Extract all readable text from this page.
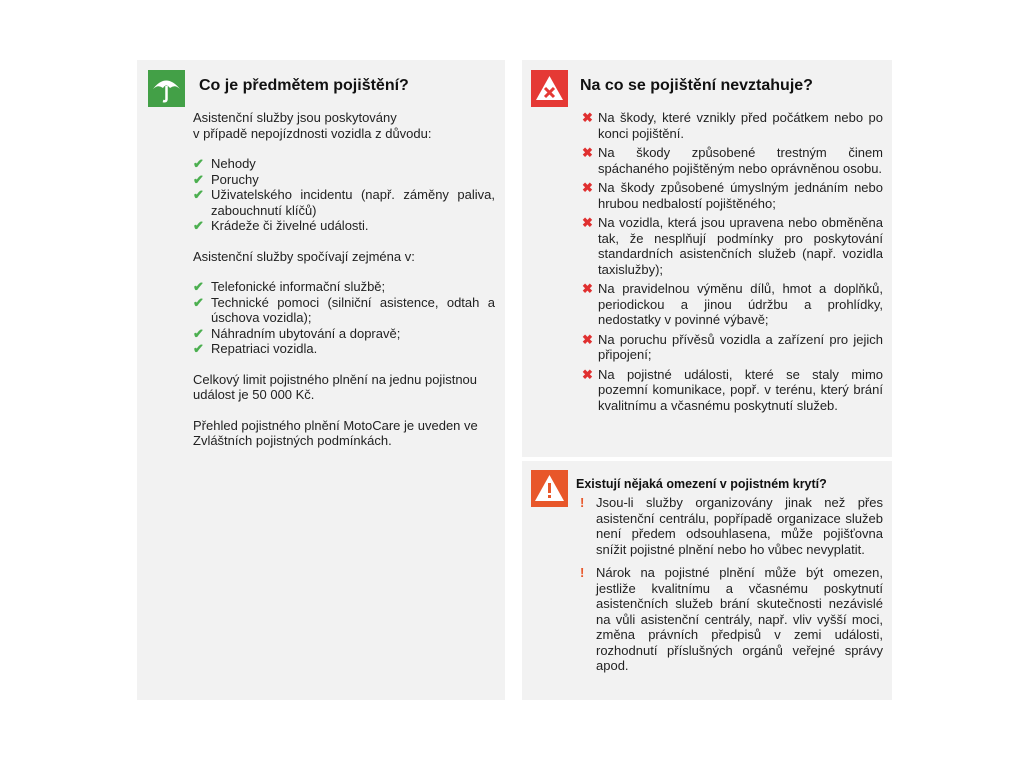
Co je předmětem pojištění?

Asistenční služby jsou poskytovány
v případě nepojízdnosti vozidla z důvodu:

✔ Nehody
✔ Poruchy
✔ Uživatelského incidentu (např. záměny paliva, zabouchnutí klíčů)
✔ Krádeže či živelné události.

Asistenční služby spočívají zejména v:

✔ Telefonické informační službě;
✔ Technické pomoci (silniční asistence, odtah a úschova vozidla);
✔ Náhradním ubytování a dopravě;
✔ Repatriaci vozidla.

Celkový limit pojistného plnění na jednu pojistnou událost je 50 000 Kč.

Přehled pojistného plnění MotoCare je uveden ve Zvláštních pojistných podmínkách.

Na co se pojištění nevztahuje?
✖ Na škody, které vznikly před počátkem nebo po konci pojištění.
✖ Na škody způsobené trestným činem spáchaného pojištěným nebo oprávněnou osobu.
✖ Na škody způsobené úmyslným jednáním nebo hrubou nedbalostí pojištěného;
✖ Na vozidla, která jsou upravena nebo obměněna tak, že nesplňují podmínky pro poskytování standardních asistenčních služeb (např. vozidla taxislužby);
✖ Na pravidelnou výměnu dílů, hmot a doplňků, periodickou a jinou údržbu a prohlídky, nedostatky v povinné výbavě;
✖ Na poruchu přívěsů vozidla a zařízení pro jejich připojení;
✖ Na pojistné události, které se staly mimo pozemní komunikace, popř. v terénu, který brání kvalitnímu a včasnému poskytnutí služeb.
Existují nějaká omezení v pojistném krytí?
! Jsou-li služby organizovány jinak než přes asistenční centrálu, popřípadě organizace služeb není předem odsouhlasena, může pojišťovna snížit pojistné plnění nebo ho vůbec nevyplatit.
! Nárok na pojistné plnění může být omezen, jestliže kvalitnímu a včasnému poskytnutí asistenčních služeb brání skutečnosti nezávislé na vůli asistenční centrály, např. vliv vyšší moci, změna právních předpisů v zemi události, rozhodnutí příslušných orgánů veřejné správy apod.
